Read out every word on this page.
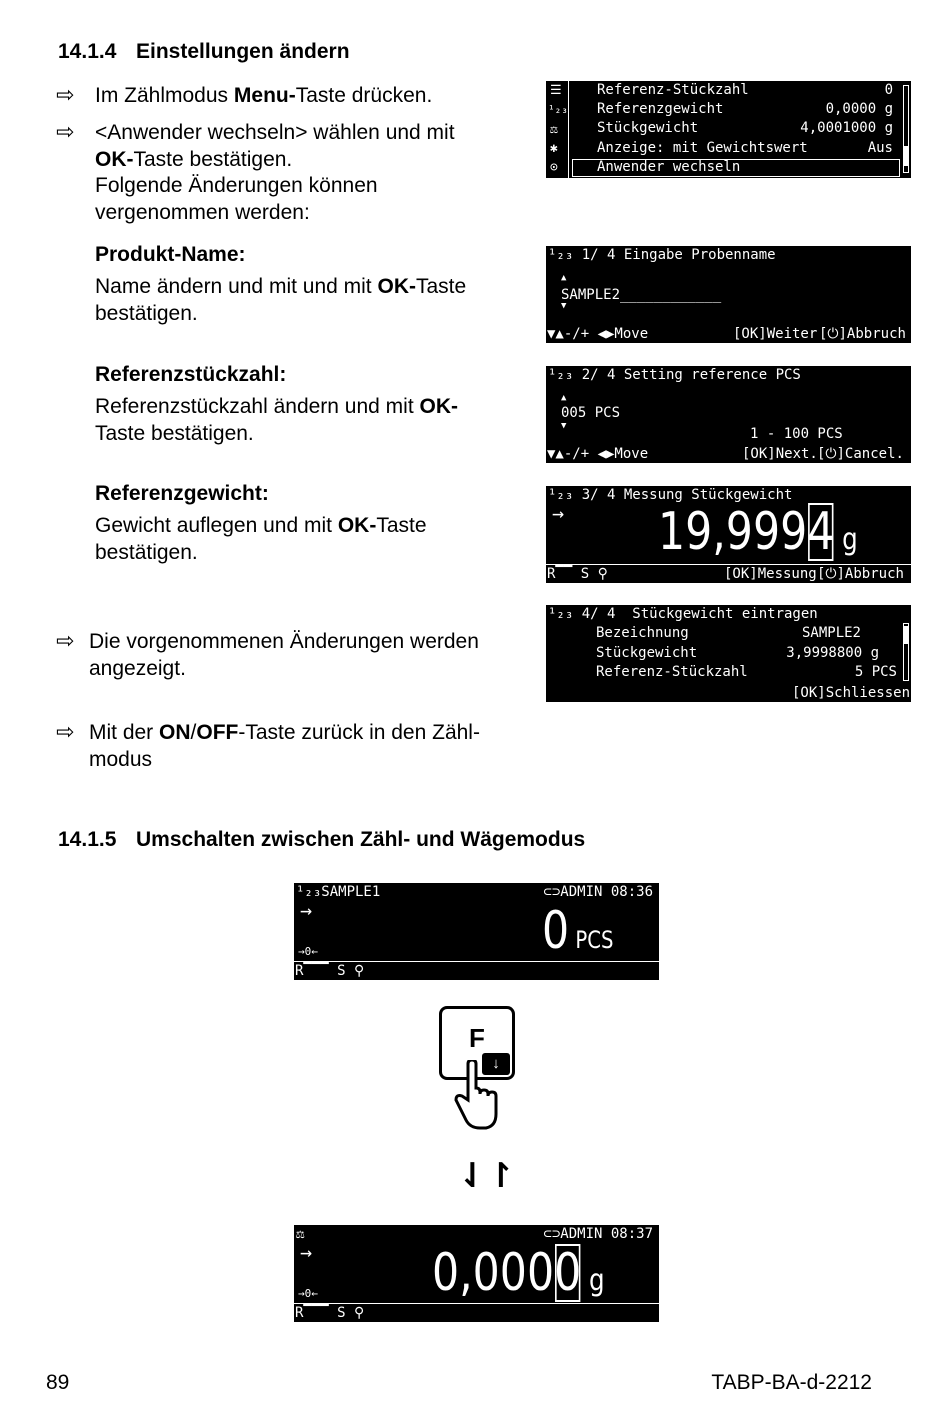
14.1.4 Einstellungen ändern
⇨ Im Zählmodus Menu-Taste drücken.
⇨ <Anwender wechseln> wählen und mit
OK-Taste bestätigen.
Folgende Änderungen können
vergenommen werden:
Produkt-Name:
Name ändern und mit und mit OK-Taste
bestätigen.
Referenzstückzahl:
Referenzstückzahl ändern und mit OK-
Taste bestätigen.
Referenzgewicht:
Gewicht auflegen und mit OK-Taste
bestätigen.
⇨ Die vorgenommenen Änderungen werden
angezeigt.
⇨ Mit der ON/OFF-Taste zurück in den Zähl-
modus
☰
¹₂₃
⚖
✱
⊙
Referenz-Stückzahl	0
Referenzgewicht	0,0000 g
Stückgewicht	4,0001000 g
Anzeige: mit Gewichtswert	Aus
Anwender wechseln
¹₂₃ 1/ 4 Eingabe Probenname
▲
SAMPLE2____________
▼
▼▲-/+ ◀▶Move	[OK]Weiter [⏻]Abbruch
¹₂₃ 2/ 4 Setting reference PCS
▲
005 PCS
▼	1 - 100 PCS
▼▲-/+ ◀▶Move	[OK]Next. [⏻]Cancel.
¹₂₃ 3/ 4 Messung Stückgewicht
→ 19,9994 g
R▔▔ S ⚲	[OK]Messung [⏻]Abbruch
¹₂₃ 4/ 4  Stückgewicht eintragen
Bezeichnung	SAMPLE2
Stückgewicht	3,9998800 g
Referenz-Stückzahl	5 PCS
[OK]Schliessen
14.1.5 Umschalten zwischen Zähl- und Wägemodus
¹₂₃SAMPLE1	⊂⊃ADMIN 08:36
→
→0←	0 PCS
R▔▔▔ S ⚲
F
↓
⇃↾
⚖	⊂⊃ADMIN 08:37
→
→0← 0,0000 g
R▔▔▔ S ⚲
89	TABP-BA-d-2212
